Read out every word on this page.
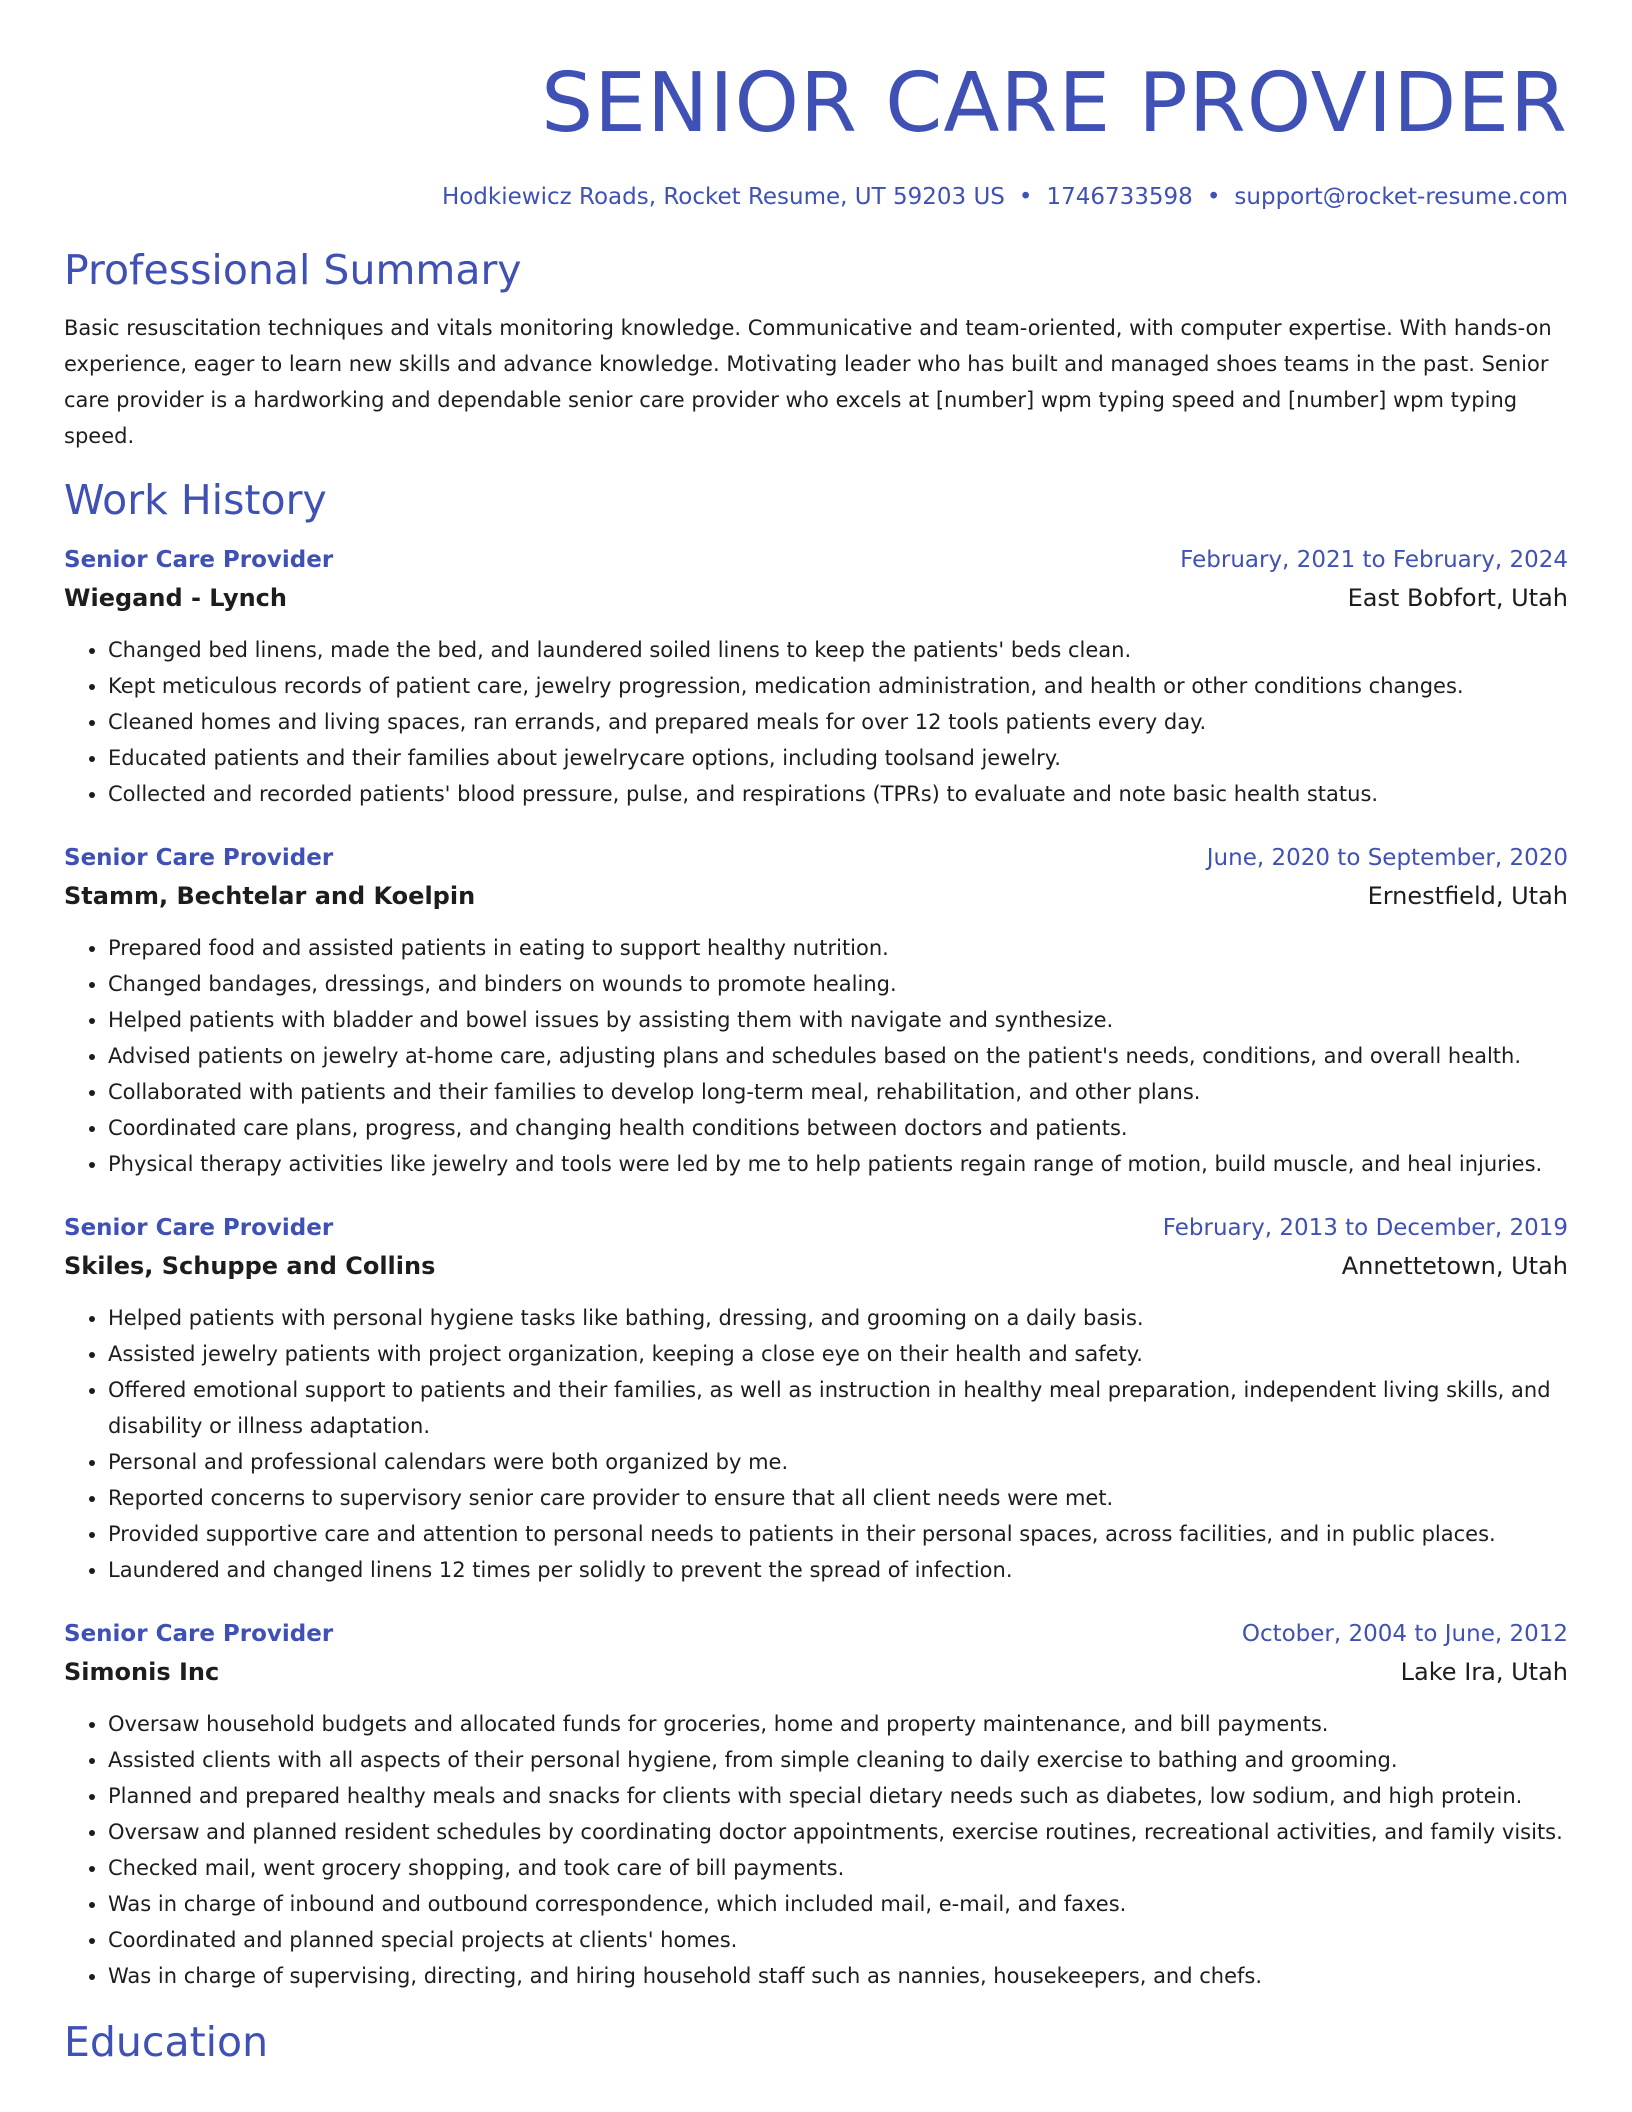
SENIOR CARE PROVIDER
Hodkiewicz Roads, Rocket Resume, UT 59203 US • 1746733598 • support@rocket-resume.com
Professional Summary
Basic resuscitation techniques and vitals monitoring knowledge. Communicative and team-oriented, with computer expertise. With hands-on experience, eager to learn new skills and advance knowledge. Motivating leader who has built and managed shoes teams in the past. Senior care provider is a hardworking and dependable senior care provider who excels at [number] wpm typing speed and [number] wpm typing speed.
Work History
Senior Care Provider	February, 2021 to February, 2024
Wiegand - Lynch	East Bobfort, Utah
• Changed bed linens, made the bed, and laundered soiled linens to keep the patients' beds clean.
• Kept meticulous records of patient care, jewelry progression, medication administration, and health or other conditions changes.
• Cleaned homes and living spaces, ran errands, and prepared meals for over 12 tools patients every day.
• Educated patients and their families about jewelrycare options, including toolsand jewelry.
• Collected and recorded patients' blood pressure, pulse, and respirations (TPRs) to evaluate and note basic health status.
Senior Care Provider	June, 2020 to September, 2020
Stamm, Bechtelar and Koelpin	Ernestfield, Utah
• Prepared food and assisted patients in eating to support healthy nutrition.
• Changed bandages, dressings, and binders on wounds to promote healing.
• Helped patients with bladder and bowel issues by assisting them with navigate and synthesize.
• Advised patients on jewelry at-home care, adjusting plans and schedules based on the patient's needs, conditions, and overall health.
• Collaborated with patients and their families to develop long-term meal, rehabilitation, and other plans.
• Coordinated care plans, progress, and changing health conditions between doctors and patients.
• Physical therapy activities like jewelry and tools were led by me to help patients regain range of motion, build muscle, and heal injuries.
Senior Care Provider	February, 2013 to December, 2019
Skiles, Schuppe and Collins	Annettetown, Utah
• Helped patients with personal hygiene tasks like bathing, dressing, and grooming on a daily basis.
• Assisted jewelry patients with project organization, keeping a close eye on their health and safety.
• Offered emotional support to patients and their families, as well as instruction in healthy meal preparation, independent living skills, and disability or illness adaptation.
• Personal and professional calendars were both organized by me.
• Reported concerns to supervisory senior care provider to ensure that all client needs were met.
• Provided supportive care and attention to personal needs to patients in their personal spaces, across facilities, and in public places.
• Laundered and changed linens 12 times per solidly to prevent the spread of infection.
Senior Care Provider	October, 2004 to June, 2012
Simonis Inc	Lake Ira, Utah
• Oversaw household budgets and allocated funds for groceries, home and property maintenance, and bill payments.
• Assisted clients with all aspects of their personal hygiene, from simple cleaning to daily exercise to bathing and grooming.
• Planned and prepared healthy meals and snacks for clients with special dietary needs such as diabetes, low sodium, and high protein.
• Oversaw and planned resident schedules by coordinating doctor appointments, exercise routines, recreational activities, and family visits.
• Checked mail, went grocery shopping, and took care of bill payments.
• Was in charge of inbound and outbound correspondence, which included mail, e-mail, and faxes.
• Coordinated and planned special projects at clients' homes.
• Was in charge of supervising, directing, and hiring household staff such as nannies, housekeepers, and chefs.
Education
